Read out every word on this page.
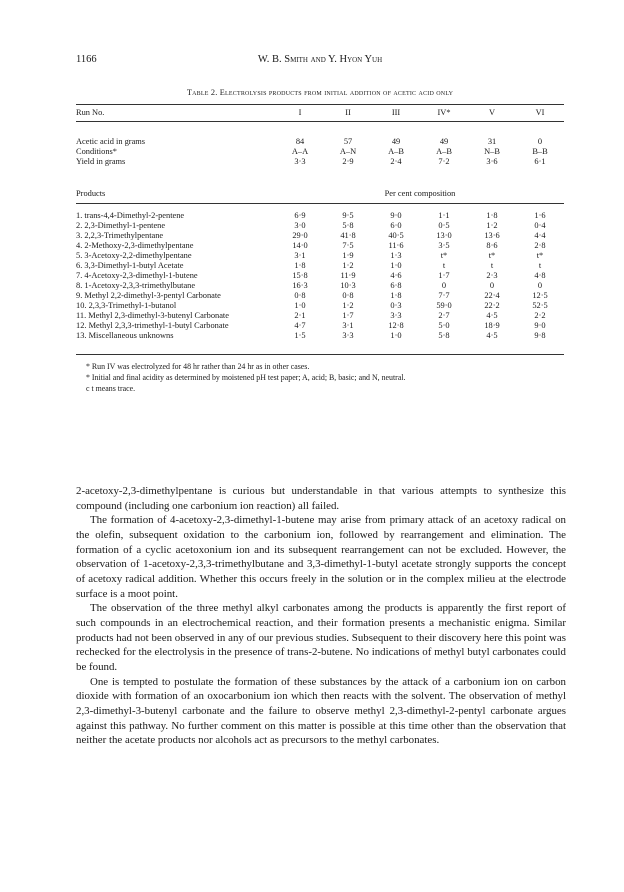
1166	W. B. Smith and Y. Hyon Yuh
Table 2. Electrolysis products from initial addition of acetic acid only
Run No.	I	II	III	IV*	V	VI
Acetic acid in grams	84	57	49	49	31	0
Conditions*	A–A	A–N	A–B	A–B	N–B	B–B
Yield in grams	3·3	2·9	2·4	7·2	3·6	6·1
Products	Per cent composition
1. trans-4,4-Dimethyl-2-pentene	6·9	9·5	9·0	1·1	1·8	1·6
2. 2,3-Dimethyl-1-pentene	3·0	5·8	6·0	0·5	1·2	0·4
3. 2,2,3-Trimethylpentane	29·0	41·8	40·5	13·0	13·6	4·4
4. 2-Methoxy-2,3-dimethylpentane	14·0	7·5	11·6	3·5	8·6	2·8
5. 3-Acetoxy-2,2-dimethylpentane	3·1	1·9	1·3	t*	t*	t*
6. 3,3-Dimethyl-1-butyl Acetate	1·8	1·2	1·0	t	t	t
7. 4-Acetoxy-2,3-dimethyl-1-butene	15·8	11·9	4·6	1·7	2·3	4·8
8. 1-Acetoxy-2,3,3-trimethylbutane	16·3	10·3	6·8	0	0	0
9. Methyl 2,2-dimethyl-3-pentyl Carbonate	0·8	0·8	1·8	7·7	22·4	12·5
10. 2,3,3-Trimethyl-1-butanol	1·0	1·2	0·3	59·0	22·2	52·5
11. Methyl 2,3-dimethyl-3-butenyl Carbonate	2·1	1·7	3·3	2·7	4·5	2·2
12. Methyl 2,3,3-trimethyl-1-butyl Carbonate	4·7	3·1	12·8	5·0	18·9	9·0
13. Miscellaneous unknowns	1·5	3·3	1·0	5·8	4·5	9·8
* Run IV was electrolyzed for 48 hr rather than 24 hr as in other cases.
* Initial and final acidity as determined by moistened pH test paper; A, acid; B, basic; and N, neutral.
c t means trace.

2-acetoxy-2,3-dimethylpentane is curious but understandable in that various attempts to synthesize this compound (including one carbonium ion reaction) all failed.

The formation of 4-acetoxy-2,3-dimethyl-1-butene may arise from primary attack of an acetoxy radical on the olefin, subsequent oxidation to the carbonium ion, followed by rearrangement and elimination. The formation of a cyclic acetoxonium ion and its subsequent rearrangement can not be excluded. However, the observation of 1-acetoxy-2,3,3-trimethylbutane and 3,3-dimethyl-1-butyl acetate strongly supports the concept of acetoxy radical addition. Whether this occurs freely in the solution or in the complex milieu at the electrode surface is a moot point.

The observation of the three methyl alkyl carbonates among the products is apparently the first report of such compounds in an electrochemical reaction, and their formation presents a mechanistic enigma. Similar products had not been observed in any of our previous studies. Subsequent to their discovery here this point was rechecked for the electrolysis in the presence of trans-2-butene. No indications of methyl butyl carbonates could be found.

One is tempted to postulate the formation of these substances by the attack of a carbonium ion on carbon dioxide with formation of an oxocarbonium ion which then reacts with the solvent. The observation of methyl 2,3-dimethyl-3-butenyl carbonate and the failure to observe methyl 2,3-dimethyl-2-pentyl carbonate argues against this pathway. No further comment on this matter is possible at this time other than the observation that neither the acetate products nor alcohols act as precursors to the methyl carbonates.
